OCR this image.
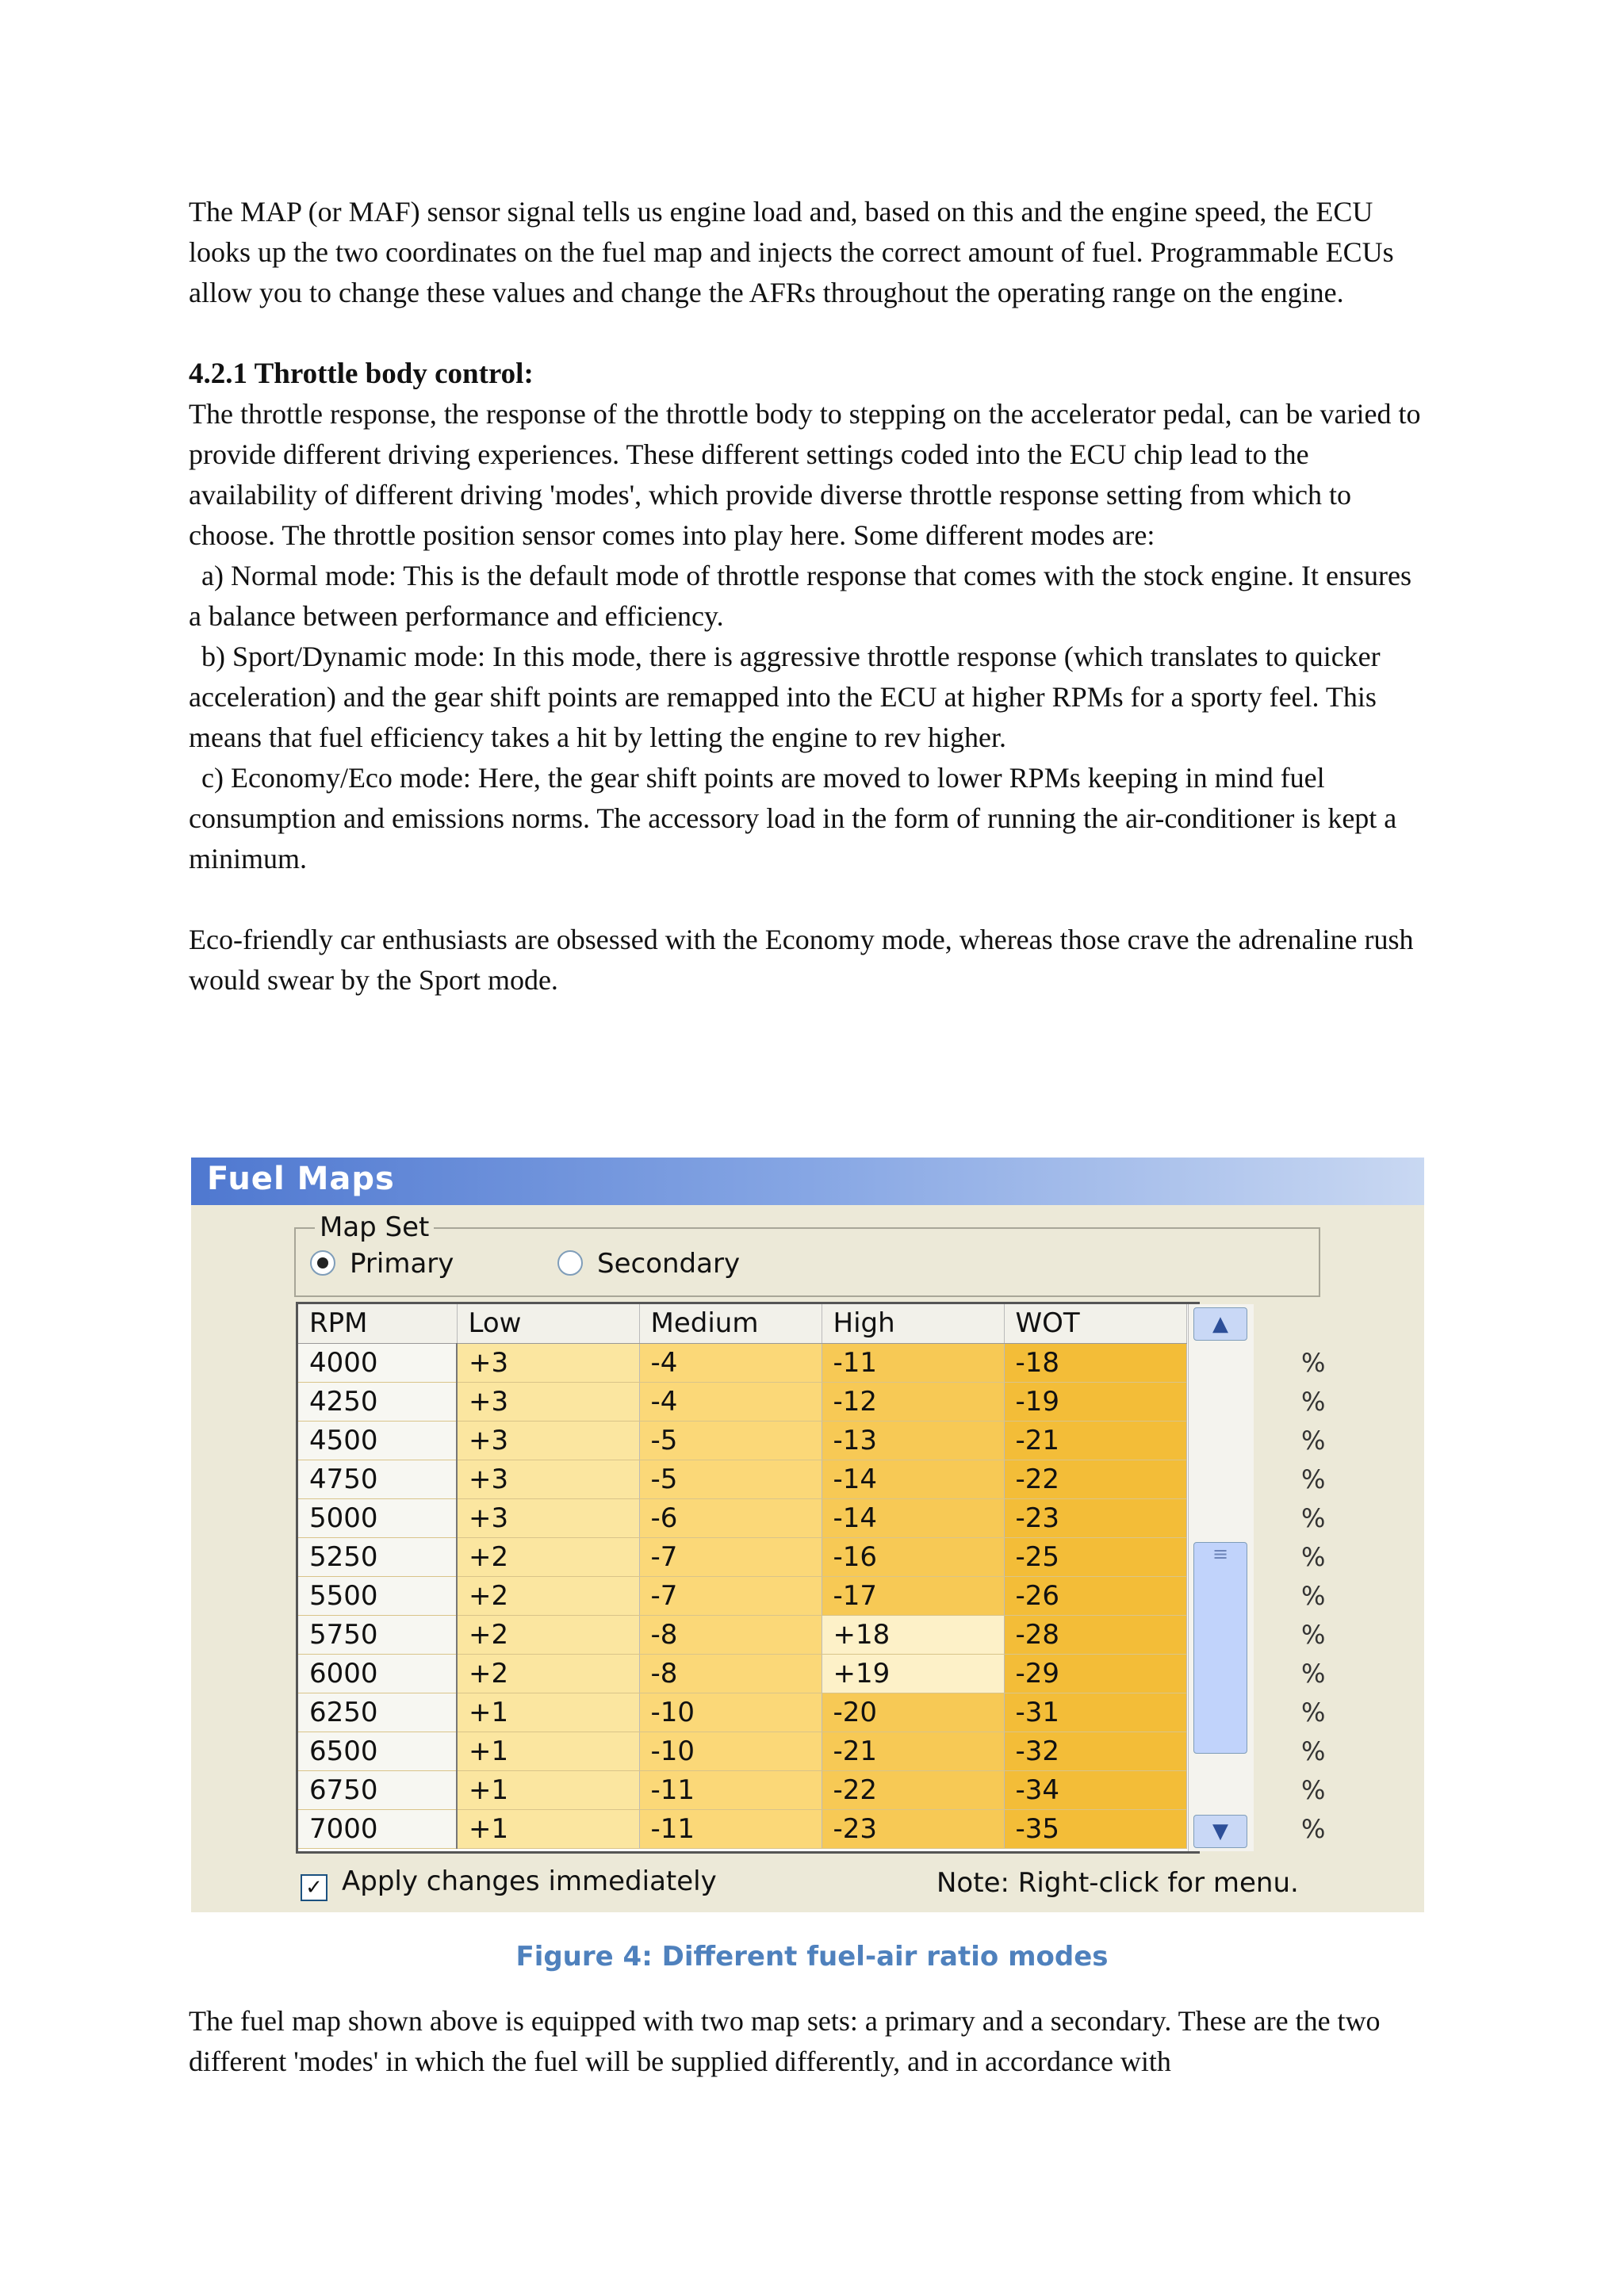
The MAP (or MAF) sensor signal tells us engine load and, based on this and the engine speed, the ECU looks up the two coordinates on the fuel map and injects the correct amount of fuel. Programmable ECUs allow you to change these values and change the AFRs throughout the operating range on the engine.

4.2.1 Throttle body control:

The throttle response, the response of the throttle body to stepping on the accelerator pedal, can be varied to provide different driving experiences. These different settings coded into the ECU chip lead to the availability of different driving 'modes', which provide diverse throttle response setting from which to choose. The throttle position sensor comes into play here. Some different modes are:

a) Normal mode: This is the default mode of throttle response that comes with the stock engine. It ensures a balance between performance and efficiency.

b) Sport/Dynamic mode: In this mode, there is aggressive throttle response (which translates to quicker acceleration) and the gear shift points are remapped into the ECU at higher RPMs for a sporty feel. This means that fuel efficiency takes a hit by letting the engine to rev higher.

c) Economy/Eco mode: Here, the gear shift points are moved to lower RPMs keeping in mind fuel consumption and emissions norms. The accessory load in the form of running the air-conditioner is kept a minimum.

Eco-friendly car enthusiasts are obsessed with the Economy mode, whereas those crave the adrenaline rush would swear by the Sport mode.

Fuel Maps
Map Set
Primary	Secondary
RPM	Low	Medium	High	WOT
4000	+3	-4	-11	-18
4250	+3	-4	-12	-19
4500	+3	-5	-13	-21
4750	+3	-5	-14	-22
5000	+3	-6	-14	-23
5250	+2	-7	-16	-25
5500	+2	-7	-17	-26
5750	+2	-8	+18	-28
6000	+2	-8	+19	-29
6250	+1	-10	-20	-31
6500	+1	-10	-21	-32
6750	+1	-11	-22	-34
7000	+1	-11	-23	-35
▲
≡
▼
%
%
%
%
%
%
%
%
%
%
%
%
%
✓ Apply changes immediately	Note: Right-click for menu.
Figure 4: Different fuel-air ratio modes

The fuel map shown above is equipped with two map sets: a primary and a secondary. These are the two different 'modes' in which the fuel will be supplied differently, and in accordance with
